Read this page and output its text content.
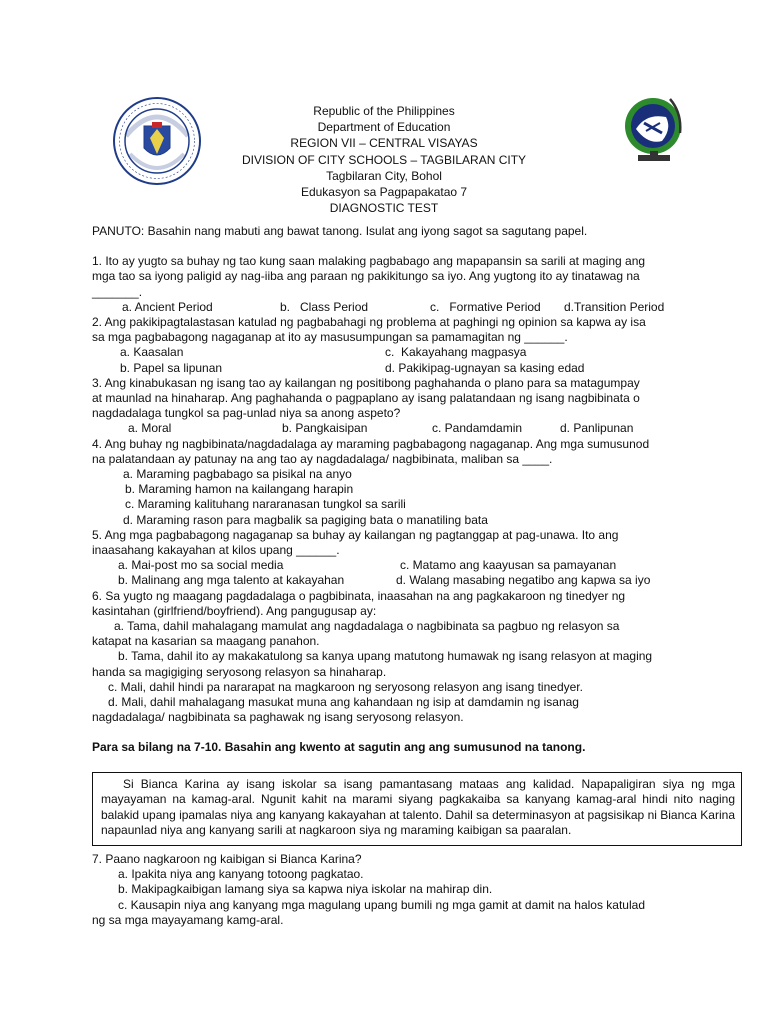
Republic of the Philippines
Department of Education
REGION VII – CENTRAL VISAYAS
DIVISION OF CITY SCHOOLS – TAGBILARAN CITY
Tagbilaran City, Bohol
Edukasyon sa Pagpapakatao 7
DIAGNOSTIC TEST

PANUTO: Basahin nang mabuti ang bawat tanong. Isulat ang iyong sagot sa sagutang papel.

1. Ito ay yugto sa buhay ng tao kung saan malaking pagbabago ang mapapansin sa sarili at maging ang

mga tao sa iyong paligid ay nag-iiba ang paraan ng pakikitungo sa iyo. Ang yugtong ito ay tinatawag na

_______.

a. Ancient Period	b.   Class Period	c.   Formative Period	d.Transition Period

2. Ang pakikipagtalastasan katulad ng pagbabahagi ng problema at paghingi ng opinion sa kapwa ay isa

sa mga pagbabagong nagaganap at ito ay masusumpungan sa pamamagitan ng ______.

a. Kaasalan	c.  Kakayahang magpasya
b. Papel sa lipunan	d. Pakikipag-ugnayan sa kasing edad

3. Ang kinabukasan ng isang tao ay kailangan ng positibong paghahanda o plano para sa matagumpay

at maunlad na hinaharap. Ang paghahanda o pagpaplano ay isang palatandaan ng isang nagbibinata o

nagdadalaga tungkol sa pag-unlad niya sa anong aspeto?

a. Moral	b. Pangkaisipan	c. Pandamdamin	d. Panlipunan

4. Ang buhay ng nagbibinata/nagdadalaga ay maraming pagbabagong nagaganap. Ang mga sumusunod

na palatandaan ay patunay na ang tao ay nagdadalaga/ nagbibinata, maliban sa ____.

a. Maraming pagbabago sa pisikal na anyo

b. Maraming hamon na kailangang harapin

c. Maraming kalituhang nararanasan tungkol sa sarili

d. Maraming rason para magbalik sa pagiging bata o manatiling bata

5. Ang mga pagbabagong nagaganap sa buhay ay kailangan ng pagtanggap at pag-unawa. Ito ang

inaasahang kakayahan at kilos upang ______.

a. Mai-post mo sa social media	c. Matamo ang kaayusan sa pamayanan
b. Malinang ang mga talento at kakayahan	d. Walang masabing negatibo ang kapwa sa iyo

6. Sa yugto ng maagang pagdadalaga o pagbibinata, inaasahan na ang pagkakaroon ng tinedyer ng

kasintahan (girlfriend/boyfriend). Ang pangugusap ay:

a. Tama, dahil mahalagang mamulat ang nagdadalaga o nagbibinata sa pagbuo ng relasyon sa

katapat na kasarian sa maagang panahon.

b. Tama, dahil ito ay makakatulong sa kanya upang matutong humawak ng isang relasyon at maging

handa sa magigiging seryosong relasyon sa hinaharap.

c. Mali, dahil hindi pa nararapat na magkaroon ng seryosong relasyon ang isang tinedyer.

d. Mali, dahil mahalagang masukat muna ang kahandaan ng isip at damdamin ng isanag

nagdadalaga/ nagbibinata sa paghawak ng isang seryosong relasyon.

Para sa bilang na 7-10. Basahin ang kwento at sagutin ang ang sumusunod na tanong.

Si Bianca Karina ay isang iskolar sa isang pamantasang mataas ang kalidad. Napapaligiran siya ng mga mayayaman na kamag-aral. Ngunit kahit na marami siyang pagkakaiba sa kanyang kamag-aral hindi nito naging balakid upang ipamalas niya ang kanyang kakayahan at talento. Dahil sa determinasyon at pagsisikap ni Bianca Karina napaunlad niya ang kanyang sarili at nagkaroon siya ng maraming kaibigan sa paaralan.

7. Paano nagkaroon ng kaibigan si Bianca Karina?

a. Ipakita niya ang kanyang totoong pagkatao.

b. Makipagkaibigan lamang siya sa kapwa niya iskolar na mahirap din.

c. Kausapin niya ang kanyang mga magulang upang bumili ng mga gamit at damit na halos katulad

ng sa mga mayayamang kamg-aral.
